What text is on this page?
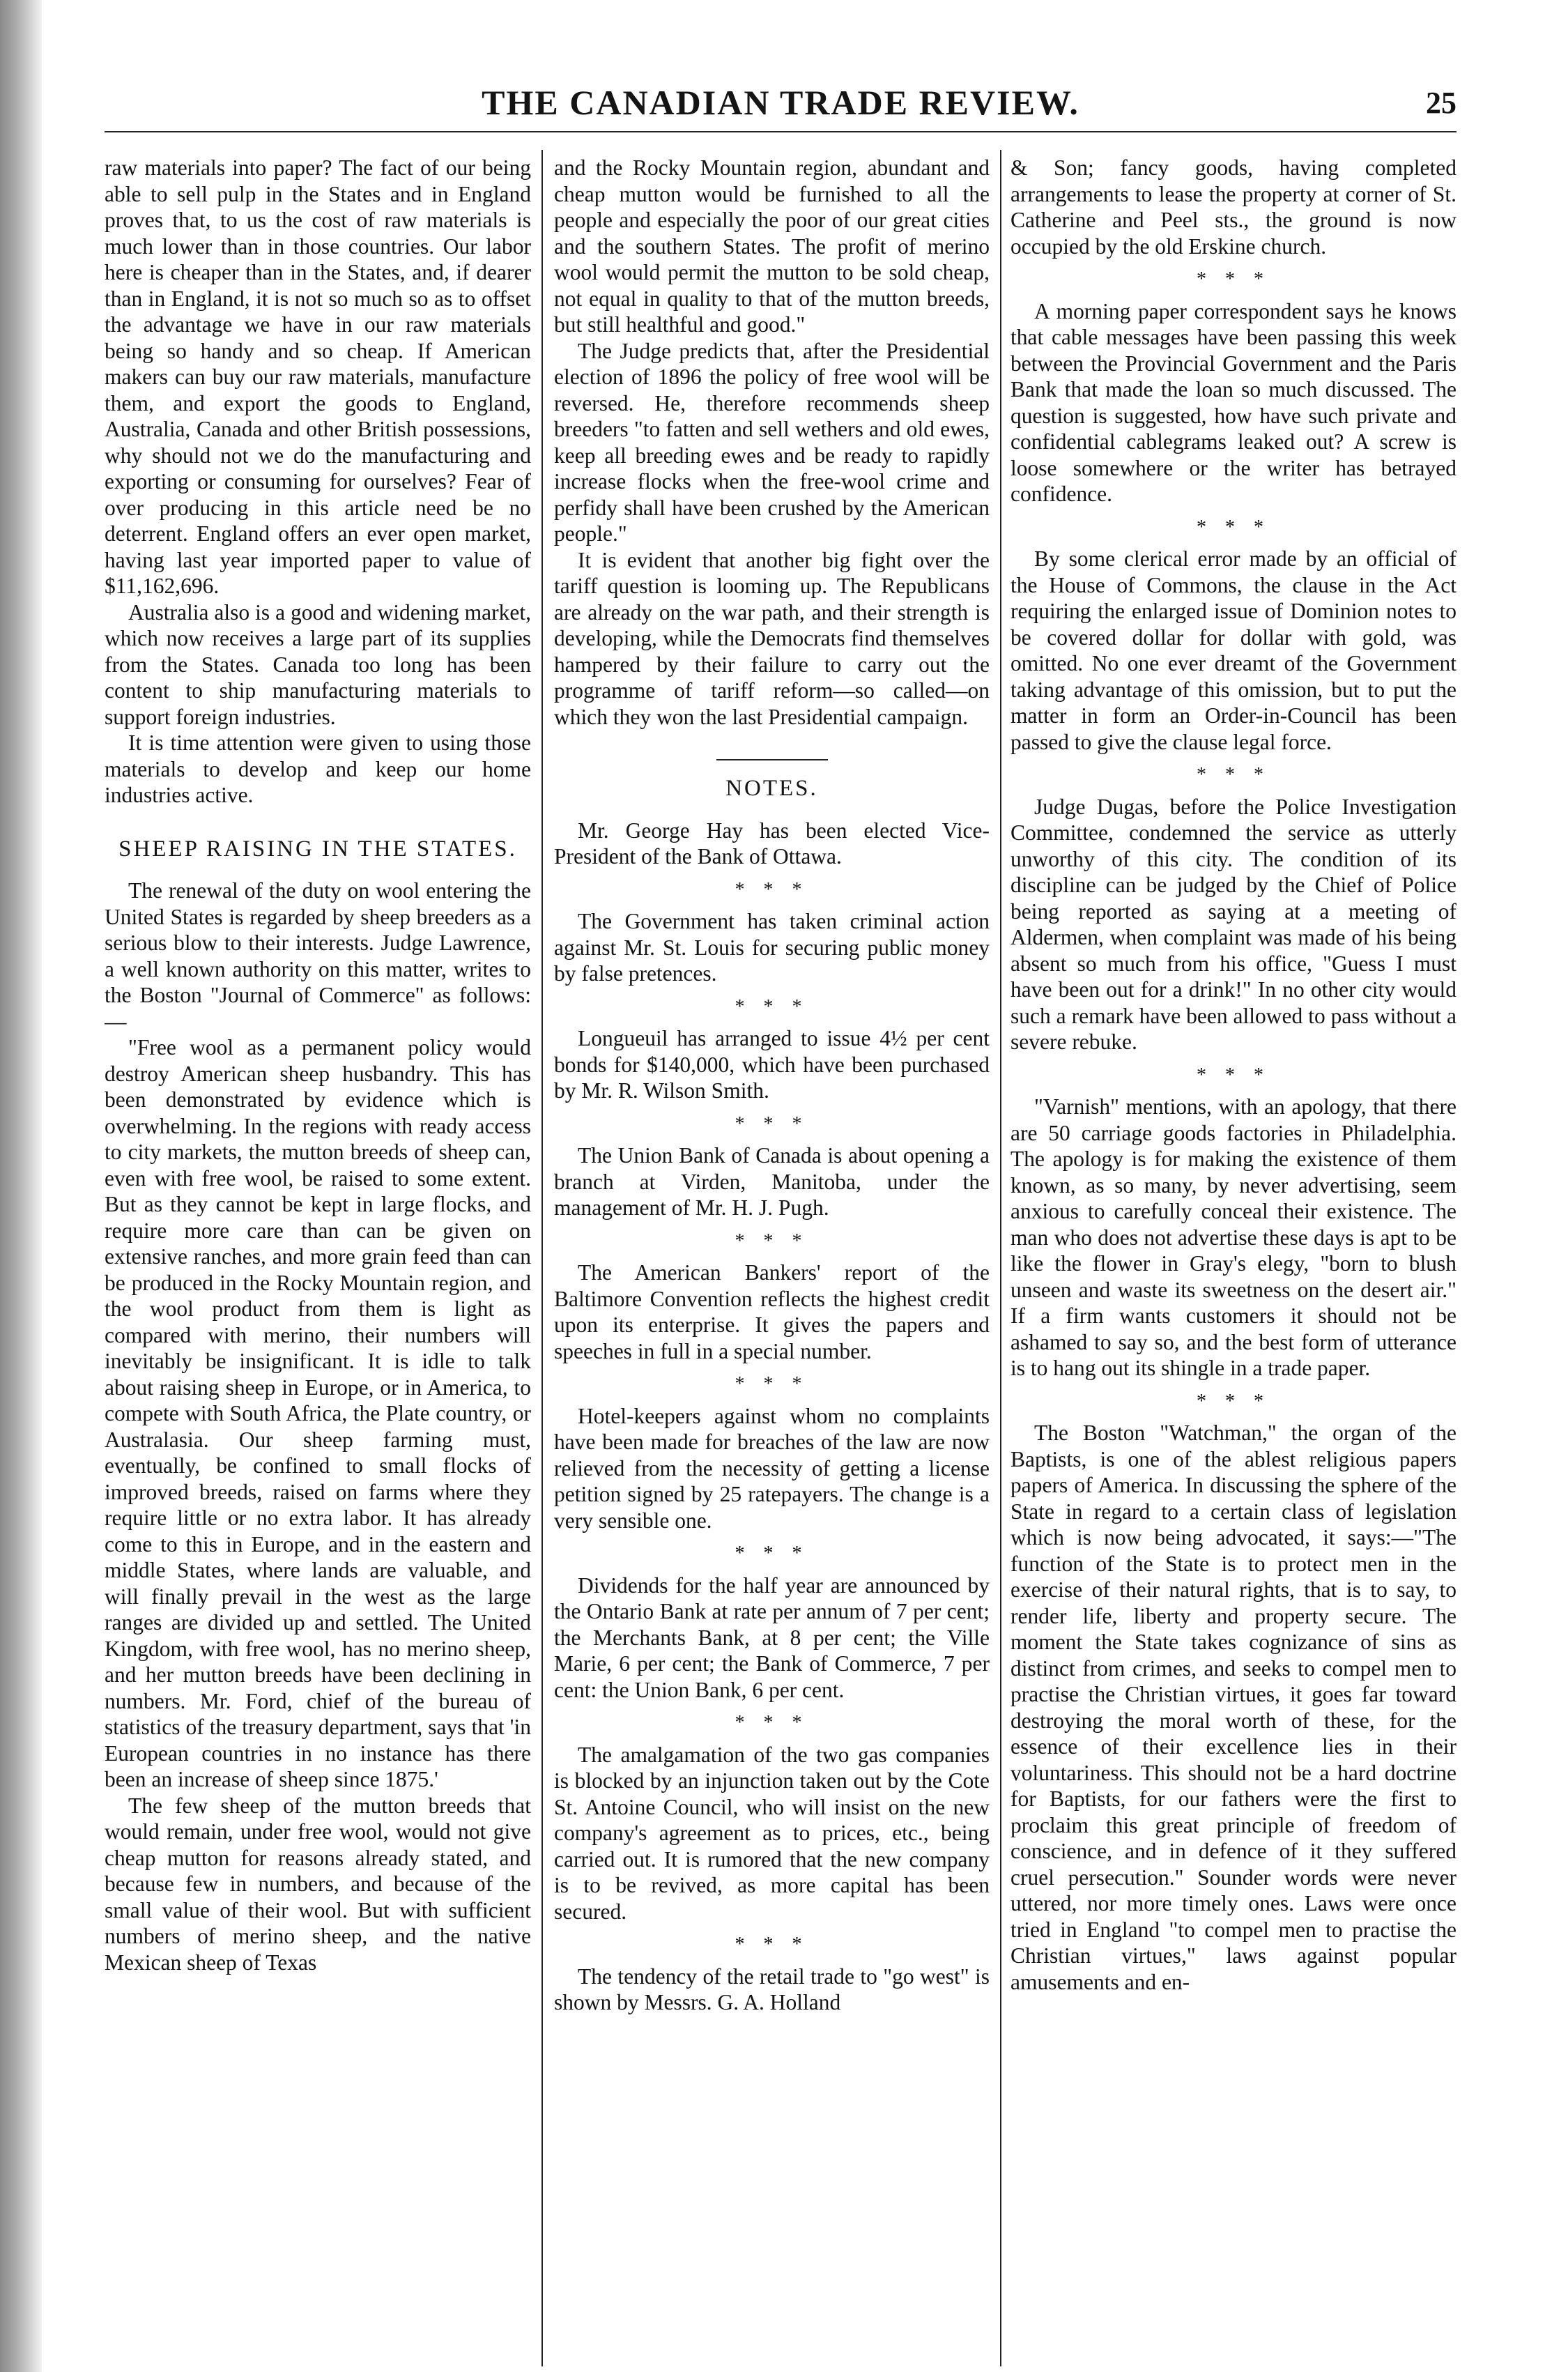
THE CANADIAN TRADE REVIEW.	25

raw materials into paper? The fact of our being able to sell pulp in the States and in England proves that, to us the cost of raw materials is much lower than in those countries. Our labor here is cheaper than in the States, and, if dearer than in England, it is not so much so as to offset the advantage we have in our raw materials being so handy and so cheap. If American makers can buy our raw materials, manufacture them, and export the goods to England, Australia, Canada and other British possessions, why should not we do the manufacturing and exporting or consuming for ourselves? Fear of over producing in this article need be no deterrent. England offers an ever open market, having last year imported paper to value of $11,162,696.

Australia also is a good and widening market, which now receives a large part of its supplies from the States. Canada too long has been content to ship manufacturing materials to support foreign industries.

It is time attention were given to using those materials to develop and keep our home industries active.

SHEEP RAISING IN THE STATES.

The renewal of the duty on wool entering the United States is regarded by sheep breeders as a serious blow to their interests. Judge Lawrence, a well known authority on this matter, writes to the Boston "Journal of Commerce" as follows:—

"Free wool as a permanent policy would destroy American sheep husbandry. This has been demonstrated by evidence which is overwhelming. In the regions with ready access to city markets, the mutton breeds of sheep can, even with free wool, be raised to some extent. But as they cannot be kept in large flocks, and require more care than can be given on extensive ranches, and more grain feed than can be produced in the Rocky Mountain region, and the wool product from them is light as compared with merino, their numbers will inevitably be insignificant. It is idle to talk about raising sheep in Europe, or in America, to compete with South Africa, the Plate country, or Australasia. Our sheep farming must, eventually, be confined to small flocks of improved breeds, raised on farms where they require little or no extra labor. It has already come to this in Europe, and in the eastern and middle States, where lands are valuable, and will finally prevail in the west as the large ranges are divided up and settled. The United Kingdom, with free wool, has no merino sheep, and her mutton breeds have been declining in numbers. Mr. Ford, chief of the bureau of statistics of the treasury department, says that 'in European countries in no instance has there been an increase of sheep since 1875.'

The few sheep of the mutton breeds that would remain, under free wool, would not give cheap mutton for reasons already stated, and because few in numbers, and because of the small value of their wool. But with sufficient numbers of merino sheep, and the native Mexican sheep of Texas

and the Rocky Mountain region, abundant and cheap mutton would be furnished to all the people and especially the poor of our great cities and the southern States. The profit of merino wool would permit the mutton to be sold cheap, not equal in quality to that of the mutton breeds, but still healthful and good."

The Judge predicts that, after the Presidential election of 1896 the policy of free wool will be reversed. He, therefore recommends sheep breeders "to fatten and sell wethers and old ewes, keep all breeding ewes and be ready to rapidly increase flocks when the free-wool crime and perfidy shall have been crushed by the American people."

It is evident that another big fight over the tariff question is looming up. The Republicans are already on the war path, and their strength is developing, while the Democrats find themselves hampered by their failure to carry out the programme of tariff reform—so called—on which they won the last Presidential campaign.

NOTES.

Mr. George Hay has been elected Vice-President of the Bank of Ottawa.

* * *

The Government has taken criminal action against Mr. St. Louis for securing public money by false pretences.

* * *

Longueuil has arranged to issue 4½ per cent bonds for $140,000, which have been purchased by Mr. R. Wilson Smith.

* * *

The Union Bank of Canada is about opening a branch at Virden, Manitoba, under the management of Mr. H. J. Pugh.

* * *

The American Bankers' report of the Baltimore Convention reflects the highest credit upon its enterprise. It gives the papers and speeches in full in a special number.

* * *

Hotel-keepers against whom no complaints have been made for breaches of the law are now relieved from the necessity of getting a license petition signed by 25 ratepayers. The change is a very sensible one.

* * *

Dividends for the half year are announced by the Ontario Bank at rate per annum of 7 per cent; the Merchants Bank, at 8 per cent; the Ville Marie, 6 per cent; the Bank of Commerce, 7 per cent: the Union Bank, 6 per cent.

* * *

The amalgamation of the two gas companies is blocked by an injunction taken out by the Cote St. Antoine Council, who will insist on the new company's agreement as to prices, etc., being carried out. It is rumored that the new company is to be revived, as more capital has been secured.

* * *

The tendency of the retail trade to "go west" is shown by Messrs. G. A. Holland

& Son; fancy goods, having completed arrangements to lease the property at corner of St. Catherine and Peel sts., the ground is now occupied by the old Erskine church.

* * *

A morning paper correspondent says he knows that cable messages have been passing this week between the Provincial Government and the Paris Bank that made the loan so much discussed. The question is suggested, how have such private and confidential cablegrams leaked out? A screw is loose somewhere or the writer has betrayed confidence.

* * *

By some clerical error made by an official of the House of Commons, the clause in the Act requiring the enlarged issue of Dominion notes to be covered dollar for dollar with gold, was omitted. No one ever dreamt of the Government taking advantage of this omission, but to put the matter in form an Order-in-Council has been passed to give the clause legal force.

* * *

Judge Dugas, before the Police Investigation Committee, condemned the service as utterly unworthy of this city. The condition of its discipline can be judged by the Chief of Police being reported as saying at a meeting of Aldermen, when complaint was made of his being absent so much from his office, "Guess I must have been out for a drink!" In no other city would such a remark have been allowed to pass without a severe rebuke.

* * *

"Varnish" mentions, with an apology, that there are 50 carriage goods factories in Philadelphia. The apology is for making the existence of them known, as so many, by never advertising, seem anxious to carefully conceal their existence. The man who does not advertise these days is apt to be like the flower in Gray's elegy, "born to blush unseen and waste its sweetness on the desert air." If a firm wants customers it should not be ashamed to say so, and the best form of utterance is to hang out its shingle in a trade paper.

* * *

The Boston "Watchman," the organ of the Baptists, is one of the ablest religious papers papers of America. In discussing the sphere of the State in regard to a certain class of legislation which is now being advocated, it says:—"The function of the State is to protect men in the exercise of their natural rights, that is to say, to render life, liberty and property secure. The moment the State takes cognizance of sins as distinct from crimes, and seeks to compel men to practise the Christian virtues, it goes far toward destroying the moral worth of these, for the essence of their excellence lies in their voluntariness. This should not be a hard doctrine for Baptists, for our fathers were the first to proclaim this great principle of freedom of conscience, and in defence of it they suffered cruel persecution." Sounder words were never uttered, nor more timely ones. Laws were once tried in England "to compel men to practise the Christian virtues," laws against popular amusements and en-
